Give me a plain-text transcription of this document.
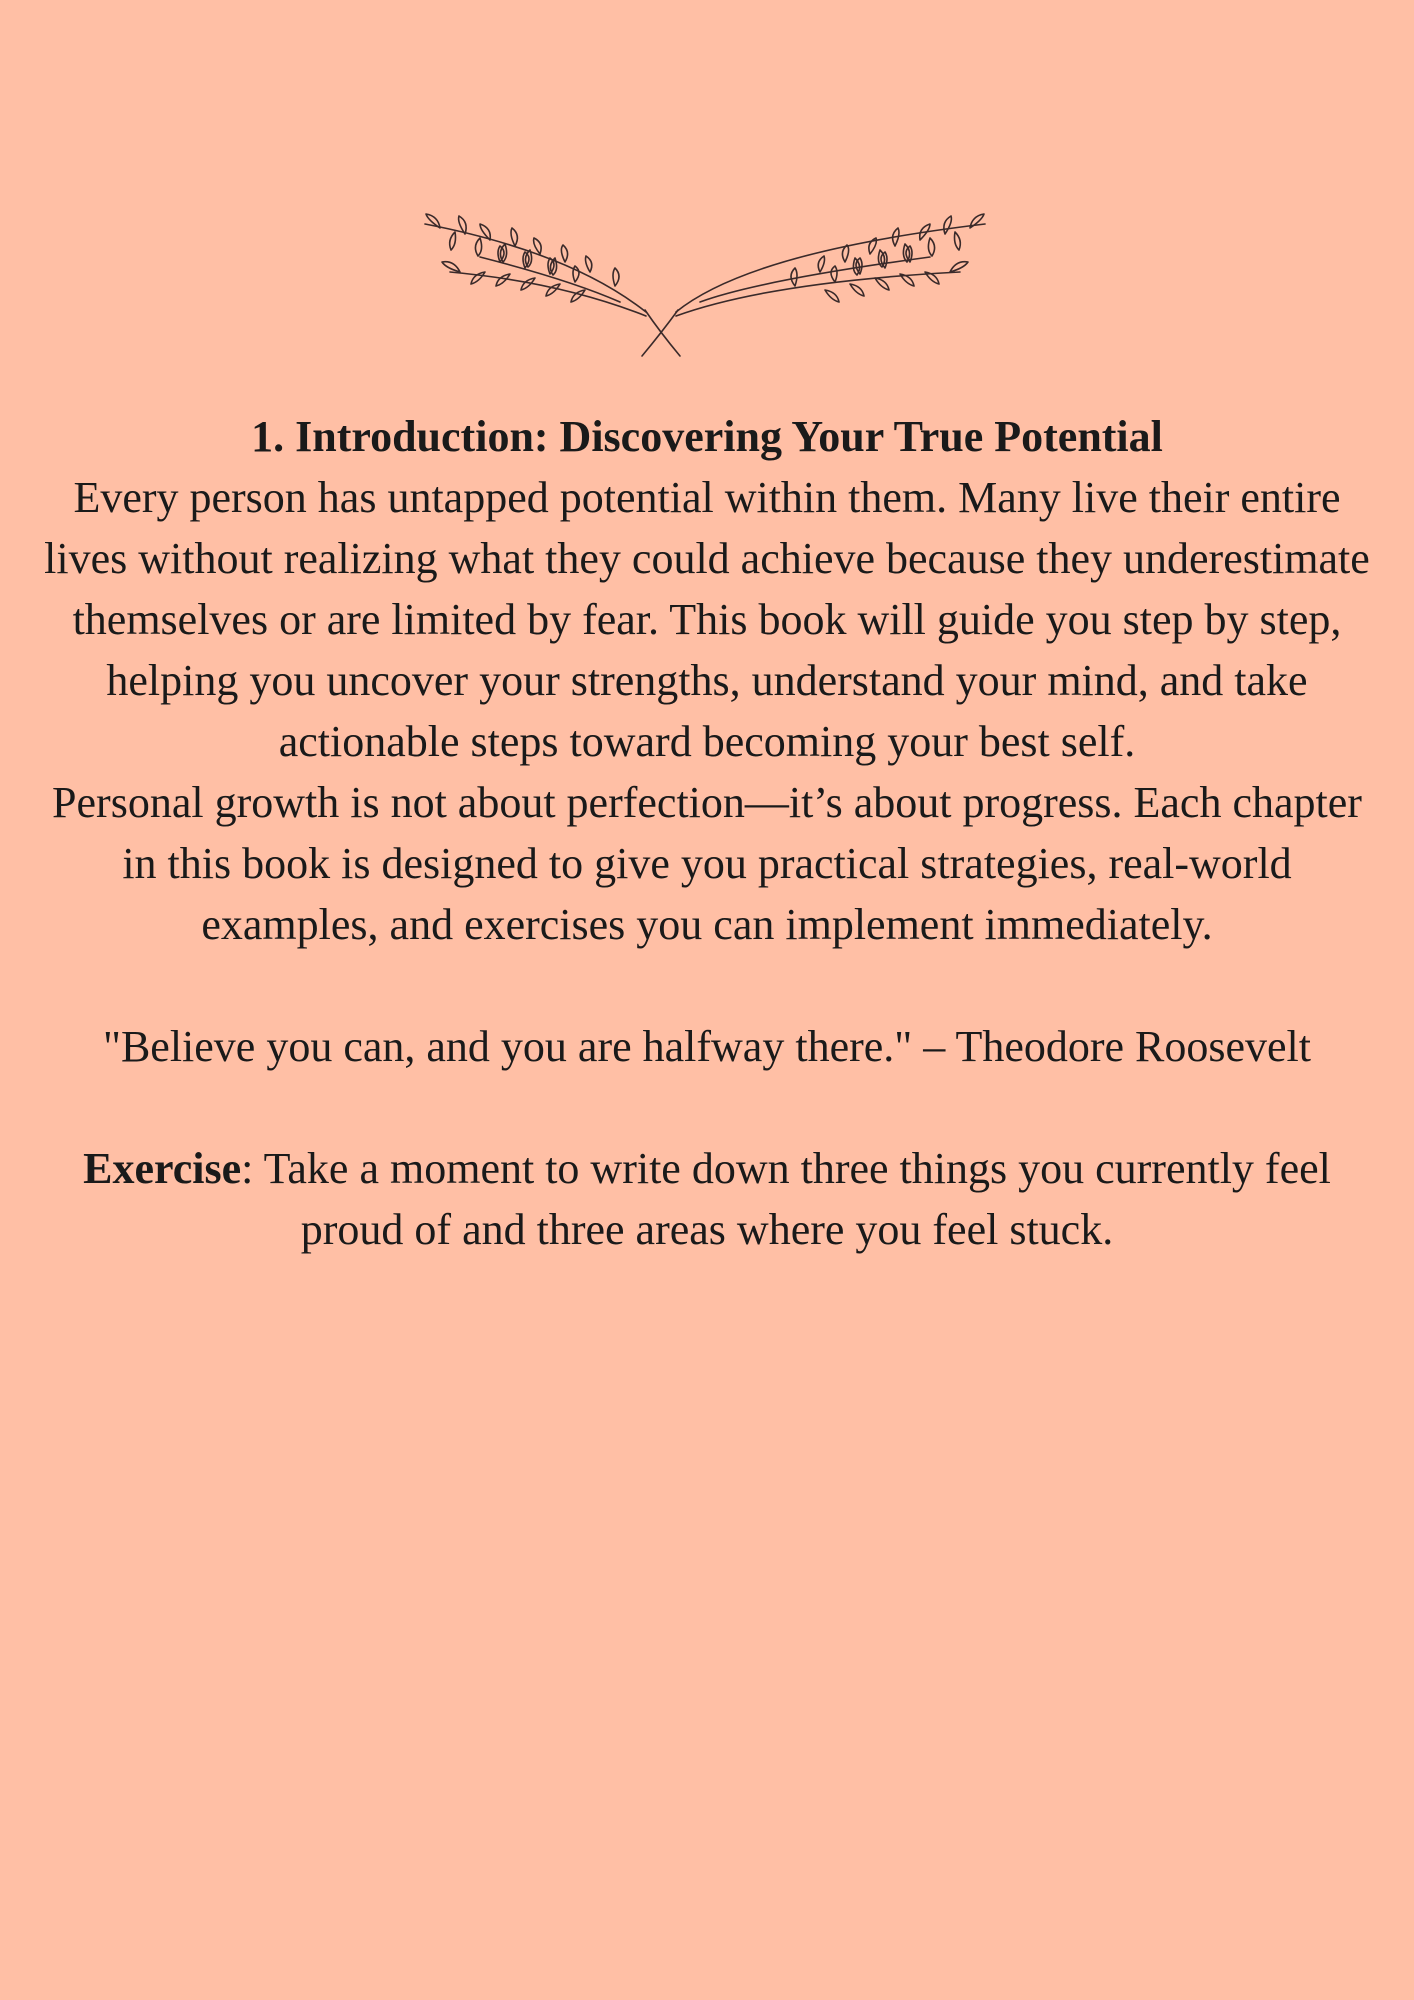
1. Introduction: Discovering Your True Potential

Every person has untapped potential within them. Many live their entire lives without realizing what they could achieve because they underestimate themselves or are limited by fear. This book will guide you step by step, helping you uncover your strengths, understand your mind, and take actionable steps toward becoming your best self.

Personal growth is not about perfection—it’s about progress. Each chapter in this book is designed to give you practical strategies, real-world examples, and exercises you can implement immediately.

"Believe you can, and you are halfway there." – Theodore Roosevelt

Exercise: Take a moment to write down three things you currently feel proud of and three areas where you feel stuck.
